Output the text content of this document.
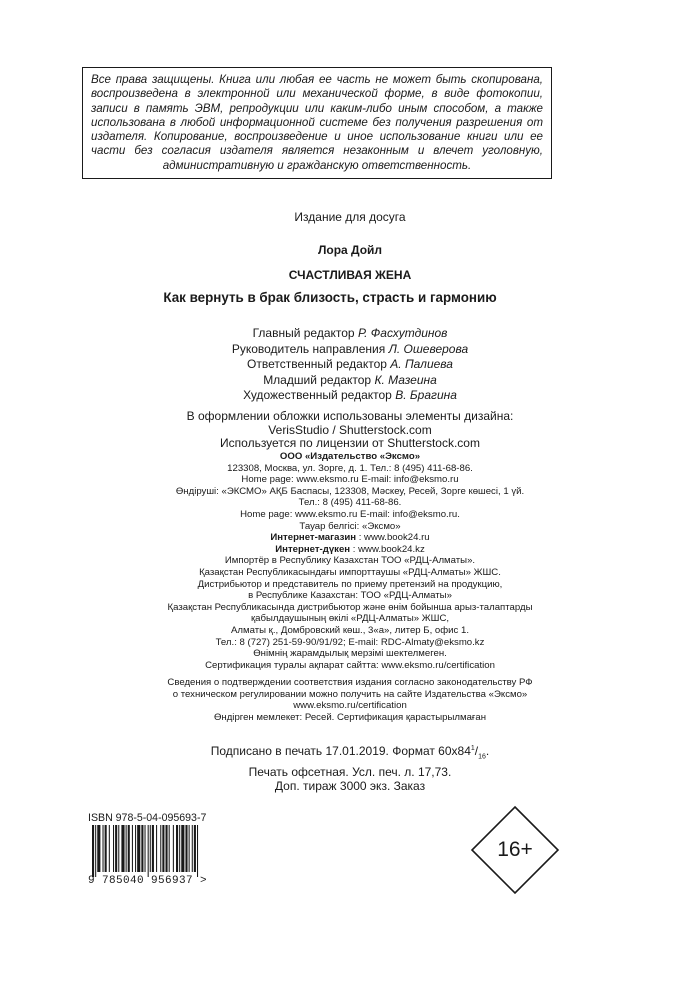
Все права защищены. Книга или любая ее часть не может быть скопирована, воспроизведена в электронной или механической форме, в виде фотокопии, записи в память ЭВМ, репродукции или каким-либо иным способом, а также использована в любой информационной системе без получения разрешения от издателя. Копирование, воспроизведение и иное использование книги или ее части без согласия издателя является незаконным и влечет уголовную, административную и гражданскую ответственность.
Издание для досуга
Лора Дойл
СЧАСТЛИВАЯ ЖЕНА
Как вернуть в брак близость, страсть и гармонию
Главный редактор Р. Фасхутдинов
Руководитель направления Л. Ошеверова
Ответственный редактор А. Палиева
Младший редактор К. Мазеина
Художественный редактор В. Брагина
В оформлении обложки использованы элементы дизайна:
VerisStudio / Shutterstock.com
Используется по лицензии от Shutterstock.com
ООО «Издательство «Эксмо»
123308, Москва, ул. Зорге, д. 1. Тел.: 8 (495) 411-68-86.
Home page: www.eksmo.ru E-mail: info@eksmo.ru
Өндіруші: «ЭКСМО» АҚБ Баспасы, 123308, Мәскеу, Ресей, Зорге көшесі, 1 үй.
Тел.: 8 (495) 411-68-86.
Home page: www.eksmo.ru E-mail: info@eksmo.ru.
Тауар белгісі: «Эксмо»
Интернет-магазин : www.book24.ru
Интернет-дүкен : www.book24.kz
Импортёр в Республику Казахстан ТОО «РДЦ-Алматы».
Қазақстан Республикасындағы импорттаушы «РДЦ-Алматы» ЖШС.
Дистрибьютор и представитель по приему претензий на продукцию,
в Республике Казахстан: ТОО «РДЦ-Алматы»
Қазақстан Республикасында дистрибьютор және өнім бойынша арыз-талаптарды
қабылдаушының өкілі «РДЦ-Алматы» ЖШС,
Алматы қ., Домбровский көш., 3«а», литер Б, офис 1.
Тел.: 8 (727) 251-59-90/91/92; E-mail: RDC-Almaty@eksmo.kz
Өнімнің жарамдылық мерзімі шектелмеген.
Сертификация туралы ақпарат сайтта: www.eksmo.ru/certification
Сведения о подтверждении соответствия издания согласно законодательству РФ
о техническом регулировании можно получить на сайте Издательства «Эксмо»
www.eksmo.ru/certification
Өндірген мемлекет: Ресей. Сертификация қарастырылмаған
Подписано в печать 17.01.2019. Формат $60x84^1/_{16}$.
Печать офсетная. Усл. печ. л. 17,73.
Доп. тираж 3000 экз. Заказ
ISBN 978-5-04-095693-7
9 785040 956937 >
16+
